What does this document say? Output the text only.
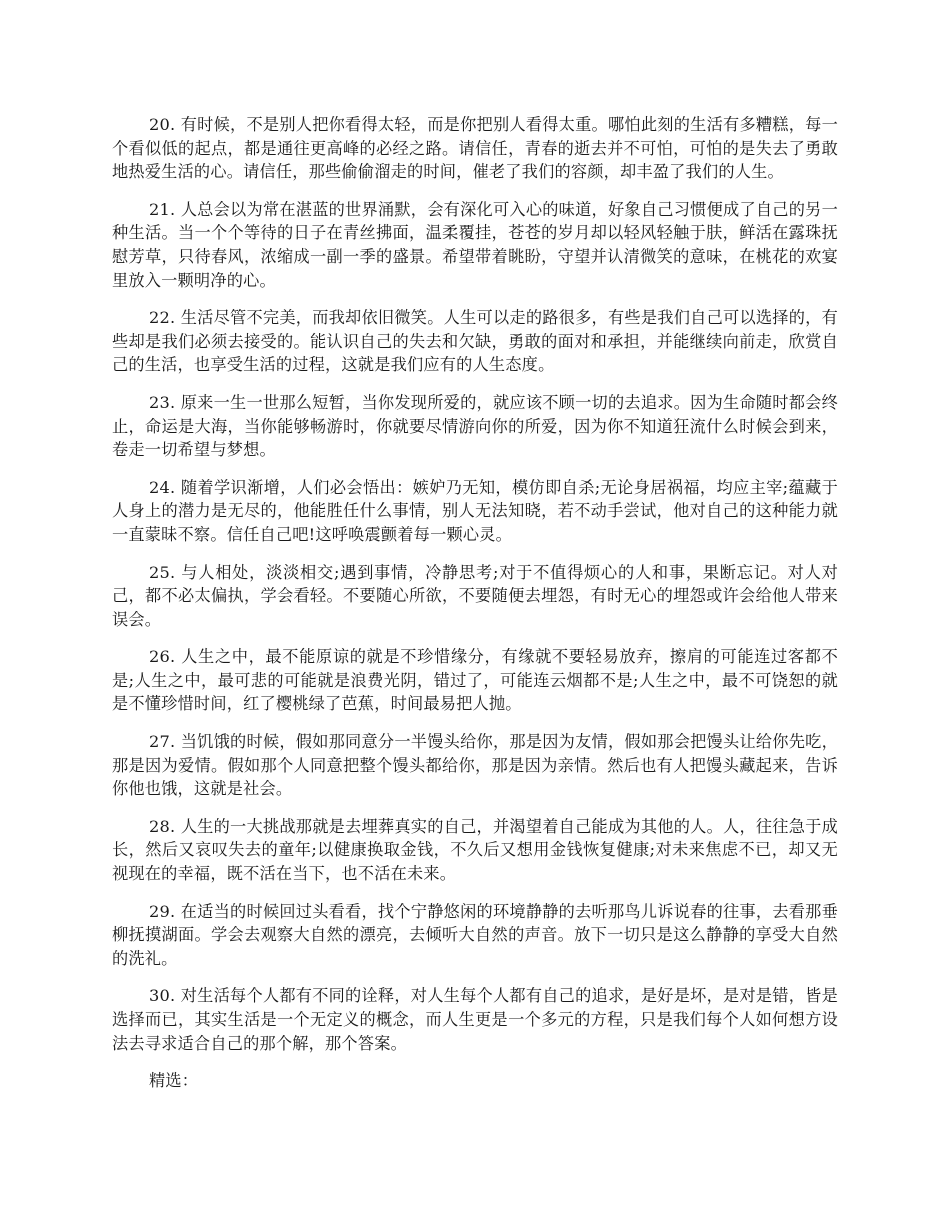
20. 有时候，不是别人把你看得太轻，而是你把别人看得太重。哪怕此刻的生活有多糟糕，每一个看似低的起点，都是通往更高峰的必经之路。请信任，青春的逝去并不可怕，可怕的是失去了勇敢地热爱生活的心。请信任，那些偷偷溜走的时间，催老了我们的容颜，却丰盈了我们的人生。

21. 人总会以为常在湛蓝的世界涌默，会有深化可入心的味道，好象自己习惯便成了自己的另一种生活。当一个个等待的日子在青丝拂面，温柔覆挂，苍苍的岁月却以轻风轻触于肤，鲜活在露珠抚慰芳草，只待春风，浓缩成一副一季的盛景。希望带着眺盼，守望并认清微笑的意味，在桃花的欢宴里放入一颗明净的心。

22. 生活尽管不完美，而我却依旧微笑。人生可以走的路很多，有些是我们自己可以选择的，有些却是我们必须去接受的。能认识自己的失去和欠缺，勇敢的面对和承担，并能继续向前走，欣赏自己的生活，也享受生活的过程，这就是我们应有的人生态度。

23. 原来一生一世那么短暂，当你发现所爱的，就应该不顾一切的去追求。因为生命随时都会终止，命运是大海，当你能够畅游时，你就要尽情游向你的所爱，因为你不知道狂流什么时候会到来，卷走一切希望与梦想。

24. 随着学识渐增，人们必会悟出：嫉妒乃无知，模仿即自杀;无论身居祸福，均应主宰;蕴藏于人身上的潜力是无尽的，他能胜任什么事情，别人无法知晓，若不动手尝试，他对自己的这种能力就一直蒙昧不察。信任自己吧!这呼唤震颤着每一颗心灵。

25. 与人相处，淡淡相交;遇到事情，冷静思考;对于不值得烦心的人和事，果断忘记。对人对己，都不必太偏执，学会看轻。不要随心所欲，不要随便去埋怨，有时无心的埋怨或许会给他人带来误会。

26. 人生之中，最不能原谅的就是不珍惜缘分，有缘就不要轻易放弃，擦肩的可能连过客都不是;人生之中，最可悲的可能就是浪费光阴，错过了，可能连云烟都不是;人生之中，最不可饶恕的就是不懂珍惜时间，红了樱桃绿了芭蕉，时间最易把人抛。

27. 当饥饿的时候，假如那同意分一半馒头给你，那是因为友情，假如那会把馒头让给你先吃，那是因为爱情。假如那个人同意把整个馒头都给你，那是因为亲情。然后也有人把馒头藏起来，告诉你他也饿，这就是社会。

28. 人生的一大挑战那就是去埋葬真实的自己，并渴望着自己能成为其他的人。人，往往急于成长，然后又哀叹失去的童年;以健康换取金钱，不久后又想用金钱恢复健康;对未来焦虑不已，却又无视现在的幸福，既不活在当下，也不活在未来。

29. 在适当的时候回过头看看，找个宁静悠闲的环境静静的去听那鸟儿诉说春的往事，去看那垂柳抚摸湖面。学会去观察大自然的漂亮，去倾听大自然的声音。放下一切只是这么静静的享受大自然的洗礼。

30. 对生活每个人都有不同的诠释，对人生每个人都有自己的追求，是好是坏，是对是错，皆是选择而已，其实生活是一个无定义的概念，而人生更是一个多元的方程，只是我们每个人如何想方设法去寻求适合自己的那个解，那个答案。

精选：
